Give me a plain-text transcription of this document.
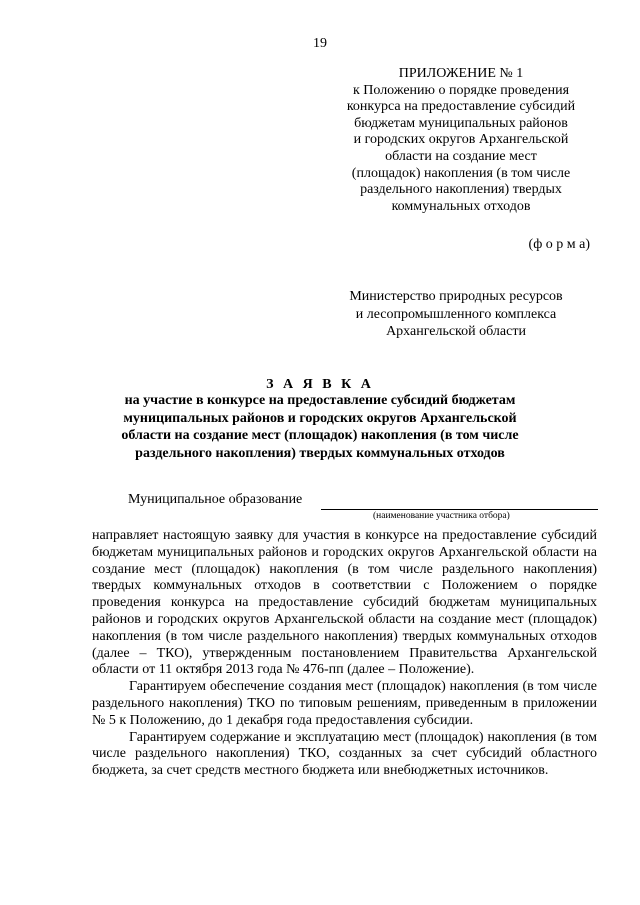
19
ПРИЛОЖЕНИЕ № 1
к Положению о порядке проведения
конкурса на предоставление субсидий
бюджетам муниципальных районов
и городских округов Архангельской
области на создание мест
(площадок) накопления (в том числе
раздельного накопления) твердых
коммунальных отходов
(ф о р м а)
Министерство природных ресурсов
и лесопромышленного комплекса
Архангельской области
З А Я В К А
на участие в конкурсе на предоставление субсидий бюджетам
муниципальных районов и городских округов Архангельской
области на создание мест (площадок) накопления (в том числе
раздельного накопления) твердых коммунальных отходов
Муниципальное образование
(наименование участника отбора)

направляет настоящую заявку для участия в конкурсе на предоставление субсидий бюджетам муниципальных районов и городских округов Архангельской области на создание мест (площадок) накопления (в том числе раздельного накопления) твердых коммунальных отходов в соответствии с Положением о порядке проведения конкурса на предоставление субсидий бюджетам муниципальных районов и городских округов Архангельской области на создание мест (площадок) накопления (в том числе раздельного накопления) твердых коммунальных отходов (далее – ТКО), утвержденным постановлением Правительства Архангельской области от 11 октября 2013 года № 476-пп (далее – Положение).

Гарантируем обеспечение создания мест (площадок) накопления (в том числе раздельного накопления) ТКО по типовым решениям, приведенным в приложении № 5 к Положению, до 1 декабря года предоставления субсидии.

Гарантируем содержание и эксплуатацию мест (площадок) накопления (в том числе раздельного накопления) ТКО, созданных за счет субсидий областного бюджета, за счет средств местного бюджета или внебюджетных источников.
